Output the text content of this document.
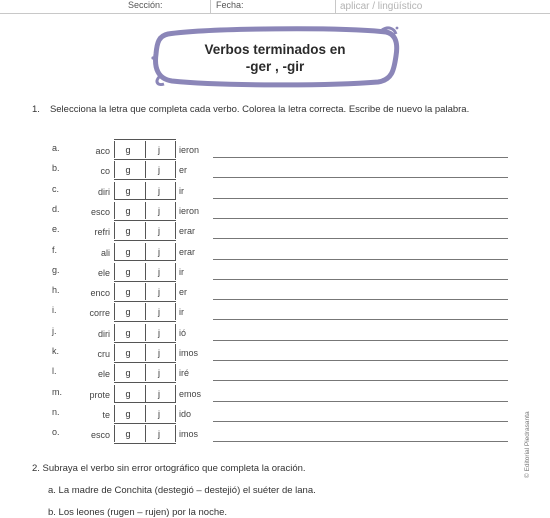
Sección:	Fecha:	aplicar / lingüístico
Verbos terminados en
-ger , -gir
1. Selecciona la letra que completa cada verbo. Colorea la letra correcta. Escribe de nuevo la palabra.
a.	aco	g	j	ieron
b.	co	g	j	er
c.	diri	g	j	ir
d.	esco	g	j	ieron
e.	refri	g	j	erar
f.	ali	g	j	erar
g.	ele	g	j	ir
h.	enco	g	j	er
i.	corre	g	j	ir
j.	diri	g	j	ió
k.	cru	g	j	imos
l.	ele	g	j	iré
m.	prote	g	j	emos
n.	te	g	j	ido
o.	esco	g	j	imos
2. Subraya el verbo sin error ortográfico que completa la oración.
a. La madre de Conchita (destegió – destejió) el suéter de lana.
b. Los leones (rugen – rujen) por la noche.
© Editorial Piedrasanta
